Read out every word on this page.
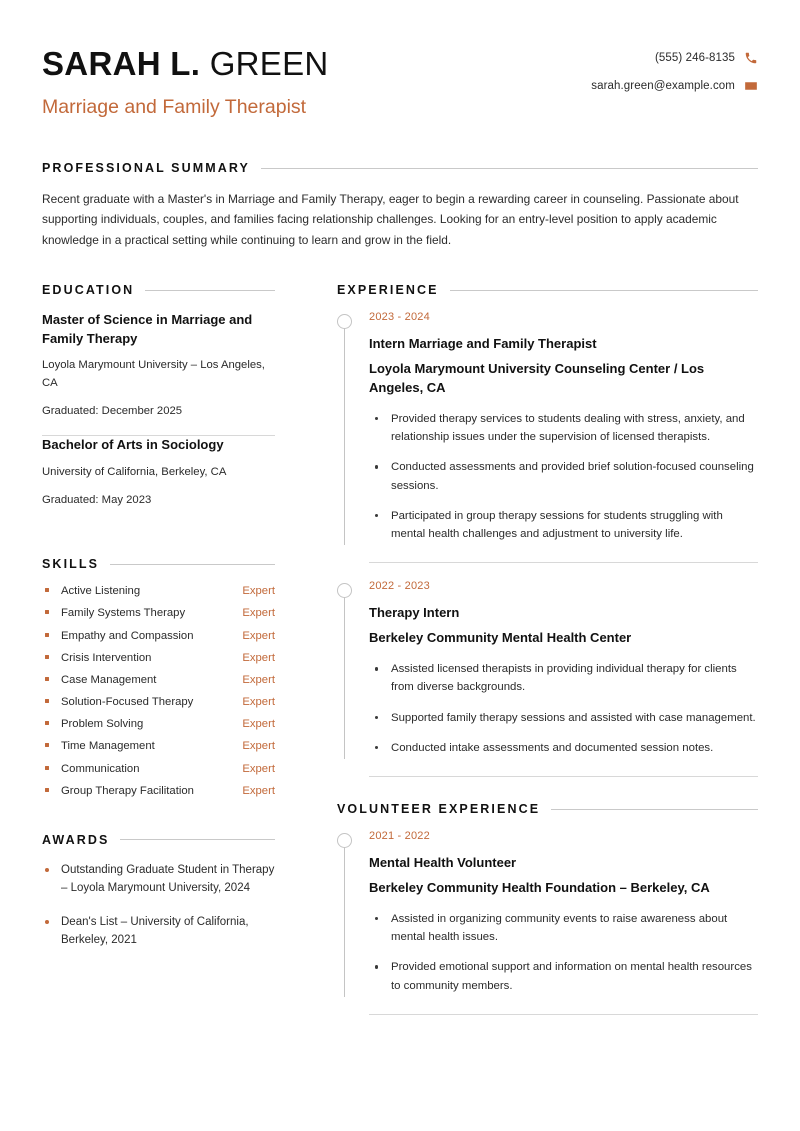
SARAH L. GREEN
Marriage and Family Therapist
(555) 246-8135
sarah.green@example.com
PROFESSIONAL SUMMARY
Recent graduate with a Master's in Marriage and Family Therapy, eager to begin a rewarding career in counseling. Passionate about supporting individuals, couples, and families facing relationship challenges. Looking for an entry-level position to apply academic knowledge in a practical setting while continuing to learn and grow in the field.
EDUCATION
Master of Science in Marriage and Family Therapy
Loyola Marymount University – Los Angeles, CA
Graduated: December 2025
Bachelor of Arts in Sociology
University of California, Berkeley, CA
Graduated: May 2023
SKILLS
Active Listening	Expert
Family Systems Therapy	Expert
Empathy and Compassion	Expert
Crisis Intervention	Expert
Case Management	Expert
Solution-Focused Therapy	Expert
Problem Solving	Expert
Time Management	Expert
Communication	Expert
Group Therapy Facilitation	Expert
AWARDS
Outstanding Graduate Student in Therapy – Loyola Marymount University, 2024
Dean's List – University of California, Berkeley, 2021
EXPERIENCE
2023 - 2024
Intern Marriage and Family Therapist
Loyola Marymount University Counseling Center / Los Angeles, CA
Provided therapy services to students dealing with stress, anxiety, and relationship issues under the supervision of licensed therapists.
Conducted assessments and provided brief solution-focused counseling sessions.
Participated in group therapy sessions for students struggling with mental health challenges and adjustment to university life.
2022 - 2023
Therapy Intern
Berkeley Community Mental Health Center
Assisted licensed therapists in providing individual therapy for clients from diverse backgrounds.
Supported family therapy sessions and assisted with case management.
Conducted intake assessments and documented session notes.
VOLUNTEER EXPERIENCE
2021 - 2022
Mental Health Volunteer
Berkeley Community Health Foundation – Berkeley, CA
Assisted in organizing community events to raise awareness about mental health issues.
Provided emotional support and information on mental health resources to community members.
